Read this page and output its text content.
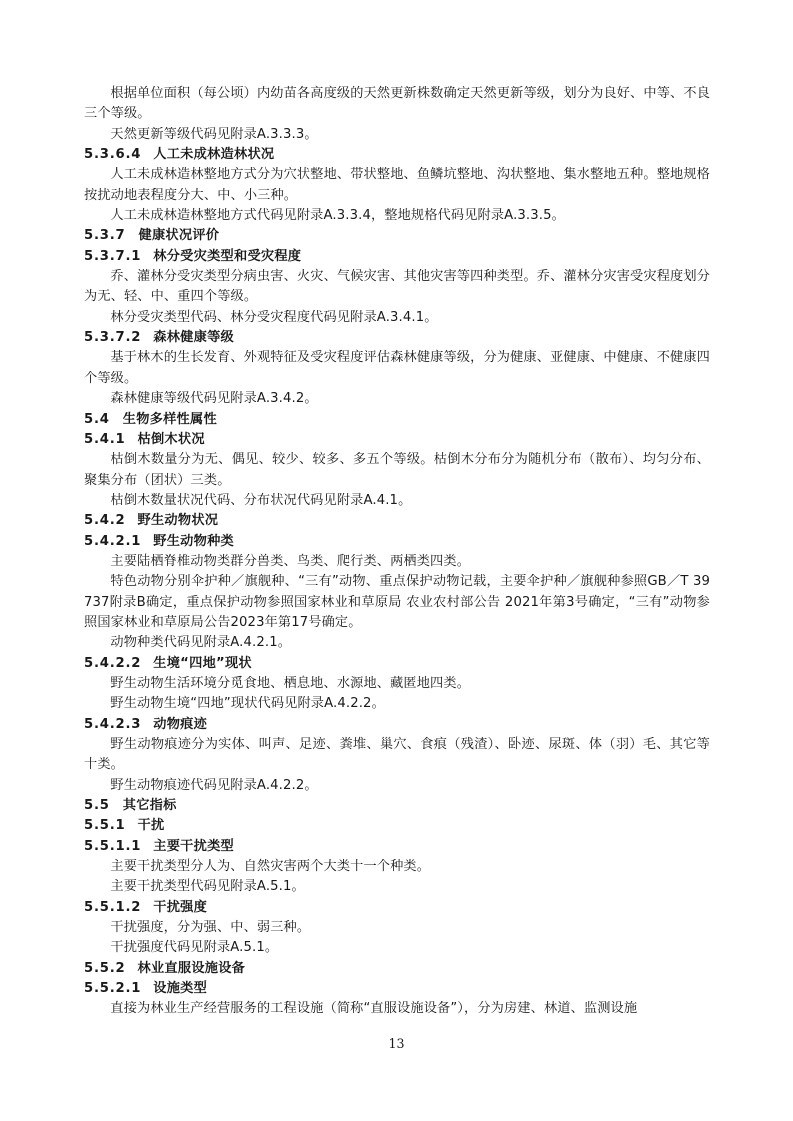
根据单位面积（每公顷）内幼苗各高度级的天然更新株数确定天然更新等级，划分为良好、中等、不良三个等级。

天然更新等级代码见附录A.3.3.3。

5.3.6.4 人工未成林造林状况

人工未成林造林整地方式分为穴状整地、带状整地、鱼鳞坑整地、沟状整地、集水整地五种。整地规格按扰动地表程度分大、中、小三种。

人工未成林造林整地方式代码见附录A.3.3.4，整地规格代码见附录A.3.3.5。

5.3.7 健康状况评价
5.3.7.1 林分受灾类型和受灾程度

乔、灌林分受灾类型分病虫害、火灾、气候灾害、其他灾害等四种类型。乔、灌林分灾害受灾程度划分为无、轻、中、重四个等级。

林分受灾类型代码、林分受灾程度代码见附录A.3.4.1。

5.3.7.2 森林健康等级

基于林木的生长发育、外观特征及受灾程度评估森林健康等级，分为健康、亚健康、中健康、不健康四个等级。

森林健康等级代码见附录A.3.4.2。

5.4 生物多样性属性
5.4.1 枯倒木状况

枯倒木数量分为无、偶见、较少、较多、多五个等级。枯倒木分布分为随机分布（散布）、均匀分布、聚集分布（团状）三类。

枯倒木数量状况代码、分布状况代码见附录A.4.1。

5.4.2 野生动物状况
5.4.2.1 野生动物种类

主要陆栖脊椎动物类群分兽类、鸟类、爬行类、两栖类四类。

特色动物分别伞护种／旗舰种、“三有”动物、重点保护动物记载，主要伞护种／旗舰种参照GB／T 39737附录B确定，重点保护动物参照国家林业和草原局 农业农村部公告 2021年第3号确定，“三有”动物参照国家林业和草原局公告2023年第17号确定。

动物种类代码见附录A.4.2.1。

5.4.2.2 生境“四地”现状

野生动物生活环境分觅食地、栖息地、水源地、藏匿地四类。

野生动物生境“四地”现状代码见附录A.4.2.2。

5.4.2.3 动物痕迹

野生动物痕迹分为实体、叫声、足迹、粪堆、巢穴、食痕（残渣）、卧迹、尿斑、体（羽）毛、其它等十类。

野生动物痕迹代码见附录A.4.2.2。

5.5 其它指标
5.5.1 干扰
5.5.1.1 主要干扰类型

主要干扰类型分人为、自然灾害两个大类十一个种类。

主要干扰类型代码见附录A.5.1。

5.5.1.2 干扰强度

干扰强度，分为强、中、弱三种。

干扰强度代码见附录A.5.1。

5.5.2 林业直服设施设备
5.5.2.1 设施类型

直接为林业生产经营服务的工程设施（简称“直服设施设备”），分为房建、林道、监测设施

13
